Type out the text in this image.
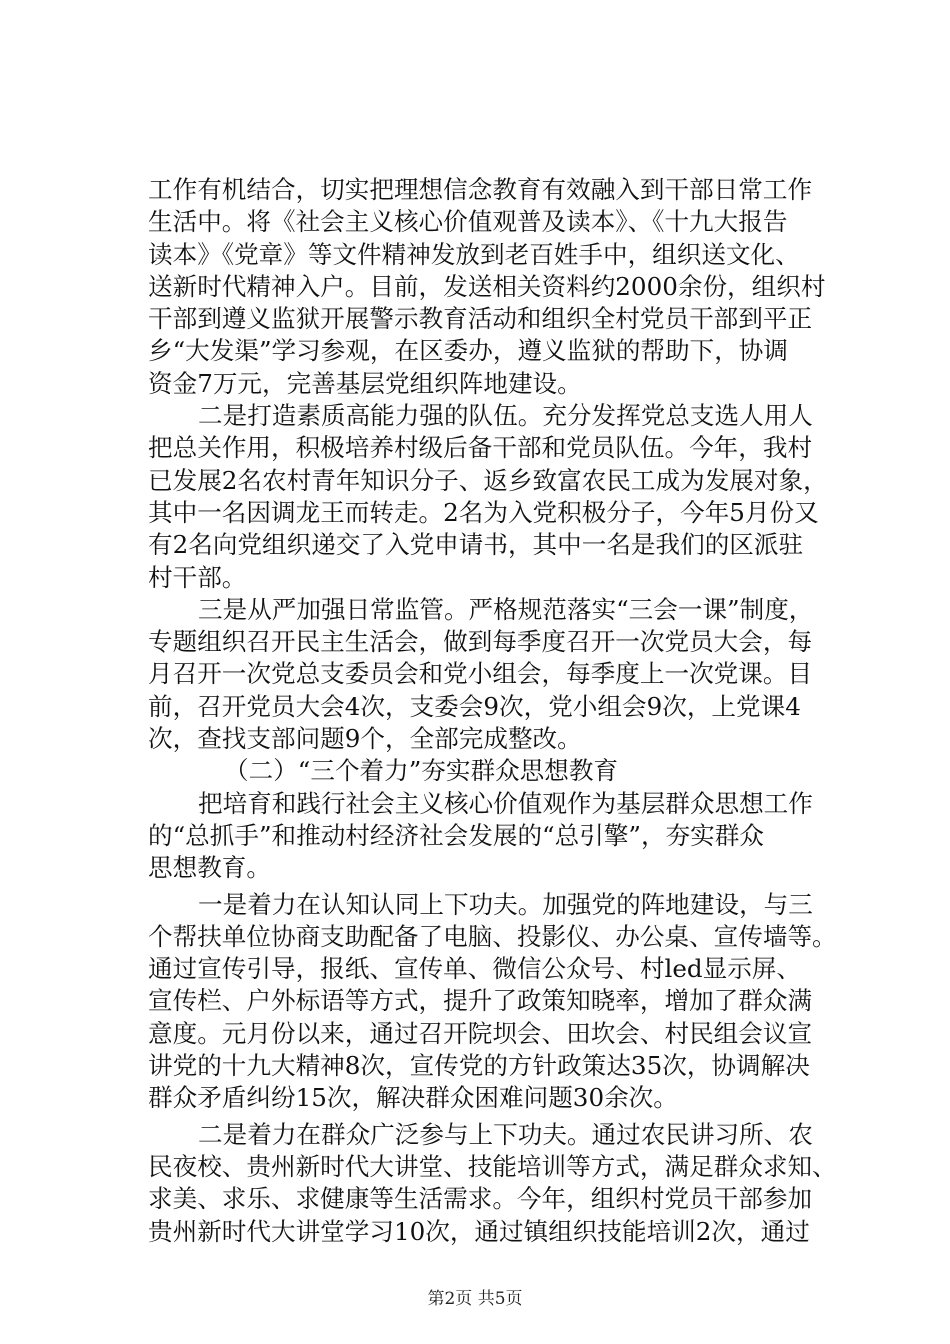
工作有机结合，切实把理想信念教育有效融入到干部日常工作

生活中。将《社会主义核心价值观普及读本》、《十九大报告

读本》《党章》等文件精神发放到老百姓手中，组织送文化、

送新时代精神入户。目前，发送相关资料约2000余份，组织村

干部到遵义监狱开展警示教育活动和组织全村党员干部到平正

乡“大发渠”学习参观，在区委办，遵义监狱的帮助下，协调

资金7万元，完善基层党组织阵地建设。

二是打造素质高能力强的队伍。充分发挥党总支选人用人

把总关作用，积极培养村级后备干部和党员队伍。今年，我村

已发展2名农村青年知识分子、返乡致富农民工成为发展对象，

其中一名因调龙王而转走。2名为入党积极分子，今年5月份又

有2名向党组织递交了入党申请书，其中一名是我们的区派驻

村干部。

三是从严加强日常监管。严格规范落实“三会一课”制度，

专题组织召开民主生活会，做到每季度召开一次党员大会，每

月召开一次党总支委员会和党小组会，每季度上一次党课。目

前，召开党员大会4次，支委会9次，党小组会9次，上党课4

次，查找支部问题9个，全部完成整改。

（二）“三个着力”夯实群众思想教育

把培育和践行社会主义核心价值观作为基层群众思想工作

的“总抓手”和推动村经济社会发展的“总引擎”，夯实群众

思想教育。

一是着力在认知认同上下功夫。加强党的阵地建设，与三

个帮扶单位协商支助配备了电脑、投影仪、办公桌、宣传墙等。

通过宣传引导，报纸、宣传单、微信公众号、村led显示屏、

宣传栏、户外标语等方式，提升了政策知晓率，增加了群众满

意度。元月份以来，通过召开院坝会、田坎会、村民组会议宣

讲党的十九大精神8次，宣传党的方针政策达35次，协调解决

群众矛盾纠纷15次，解决群众困难问题30余次。

二是着力在群众广泛参与上下功夫。通过农民讲习所、农

民夜校、贵州新时代大讲堂、技能培训等方式，满足群众求知、

求美、求乐、求健康等生活需求。今年，组织村党员干部参加

贵州新时代大讲堂学习10次，通过镇组织技能培训2次，通过

第2页 共5页
